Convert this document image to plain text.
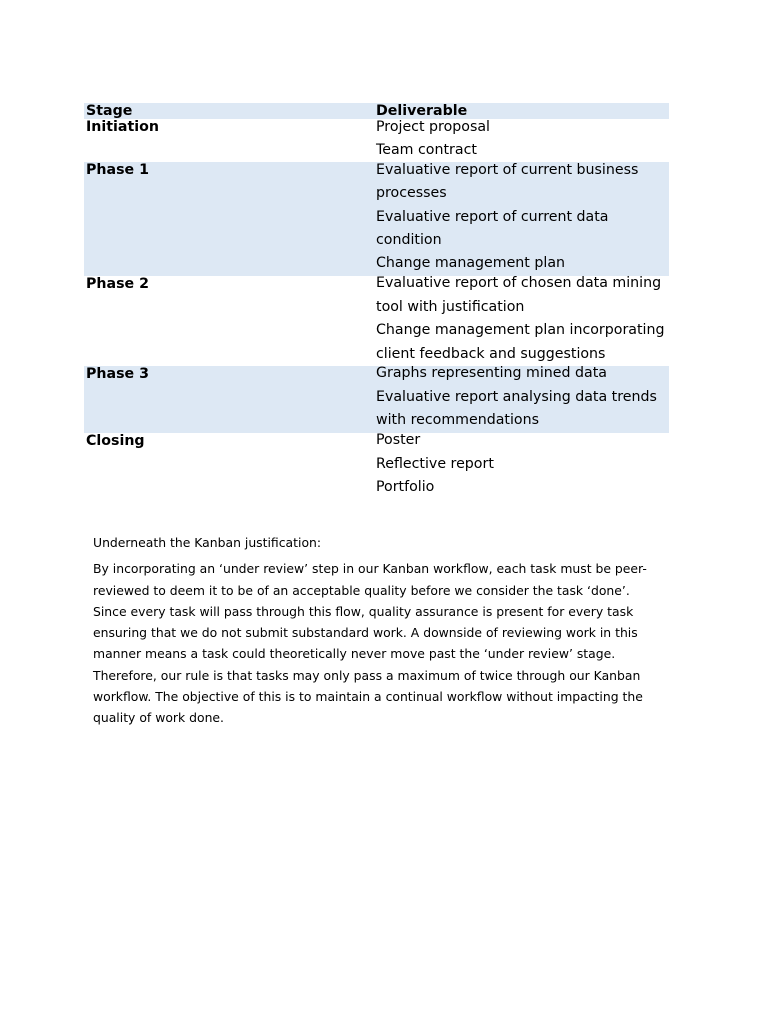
Stage	Deliverable

Initiation	Project proposal
Team contract

Phase 1	Evaluative report of current business processes
Evaluative report of current data condition
Change management plan

Phase 2	Evaluative report of chosen data mining tool with justification
Change management plan incorporating client feedback and suggestions

Phase 3	Graphs representing mined data
Evaluative report analysing data trends with recommendations

Closing	Poster
Reflective report
Portfolio

Underneath the Kanban justification:

By incorporating an ‘under review’ step in our Kanban workflow, each task must be peer-
reviewed to deem it to be of an acceptable quality before we consider the task ‘done’.
Since every task will pass through this flow, quality assurance is present for every task
ensuring that we do not submit substandard work. A downside of reviewing work in this
manner means a task could theoretically never move past the ‘under review’ stage.
Therefore, our rule is that tasks may only pass a maximum of twice through our Kanban
workflow. The objective of this is to maintain a continual workflow without impacting the
quality of work done.
